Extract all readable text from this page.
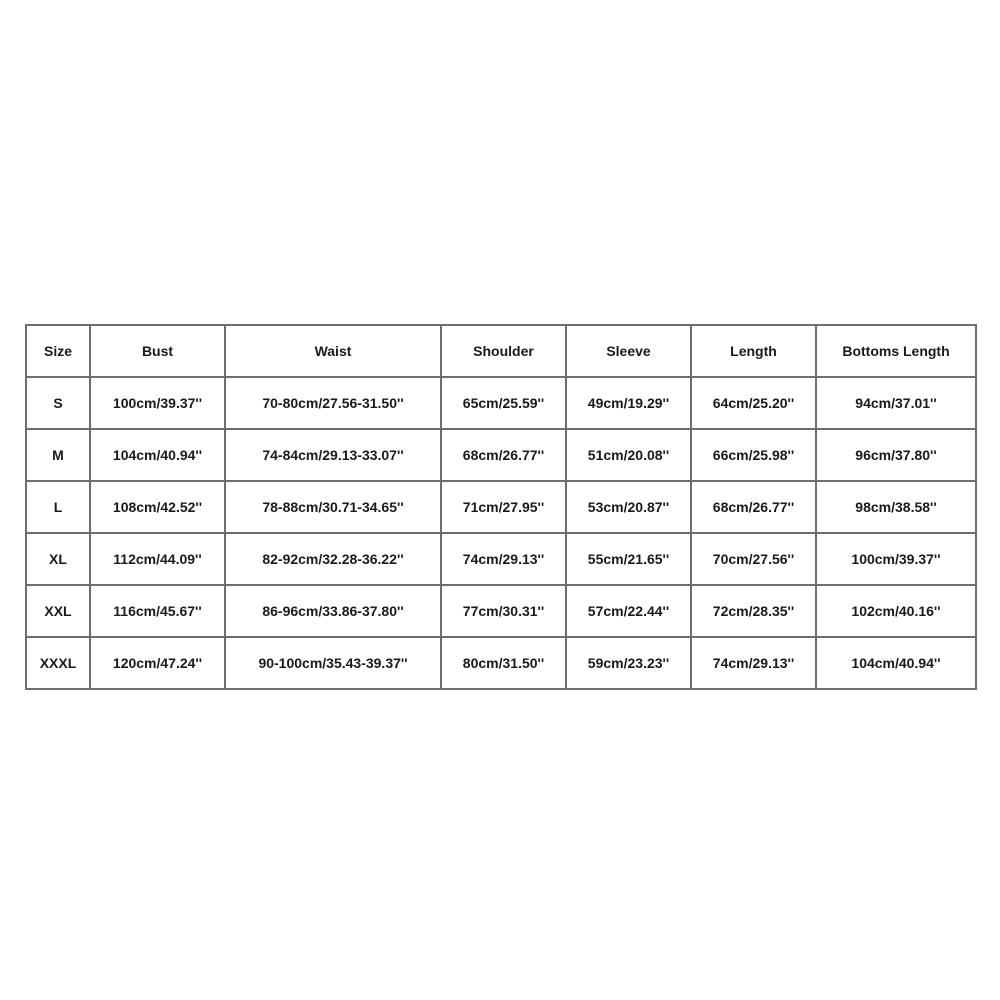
Size	Bust	Waist	Shoulder	Sleeve	Length	Bottoms Length
S	100cm/39.37''	70-80cm/27.56-31.50''	65cm/25.59''	49cm/19.29''	64cm/25.20''	94cm/37.01''
M	104cm/40.94''	74-84cm/29.13-33.07''	68cm/26.77''	51cm/20.08''	66cm/25.98''	96cm/37.80''
L	108cm/42.52''	78-88cm/30.71-34.65''	71cm/27.95''	53cm/20.87''	68cm/26.77''	98cm/38.58''
XL	112cm/44.09''	82-92cm/32.28-36.22''	74cm/29.13''	55cm/21.65''	70cm/27.56''	100cm/39.37''
XXL	116cm/45.67''	86-96cm/33.86-37.80''	77cm/30.31''	57cm/22.44''	72cm/28.35''	102cm/40.16''
XXXL	120cm/47.24''	90-100cm/35.43-39.37''	80cm/31.50''	59cm/23.23''	74cm/29.13''	104cm/40.94''
